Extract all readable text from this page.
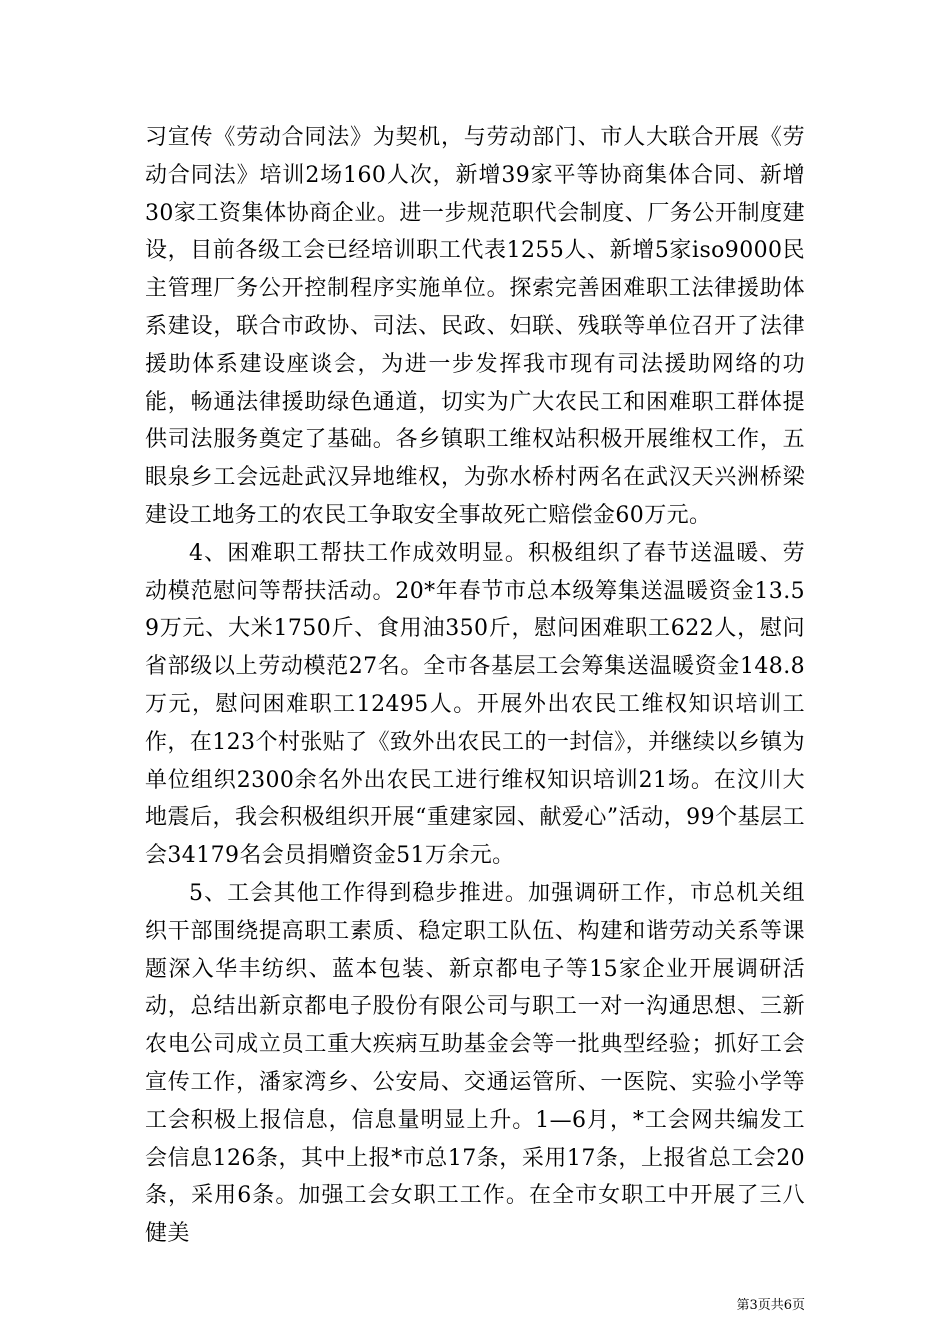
习宣传《劳动合同法》为契机，与劳动部门、市人大联合开展《劳动合同法》培训2场160人次，新增39家平等协商集体合同、新增30家工资集体协商企业。进一步规范职代会制度、厂务公开制度建设，目前各级工会已经培训职工代表1255人、新增5家iso9000民主管理厂务公开控制程序实施单位。探索完善困难职工法律援助体系建设，联合市政协、司法、民政、妇联、残联等单位召开了法律援助体系建设座谈会，为进一步发挥我市现有司法援助网络的功能，畅通法律援助绿色通道，切实为广大农民工和困难职工群体提供司法服务奠定了基础。各乡镇职工维权站积极开展维权工作，五眼泉乡工会远赴武汉异地维权，为弥水桥村两名在武汉天兴洲桥梁建设工地务工的农民工争取安全事故死亡赔偿金60万元。

4、困难职工帮扶工作成效明显。积极组织了春节送温暖、劳动模范慰问等帮扶活动。20*年春节市总本级筹集送温暖资金13.59万元、大米1750斤、食用油350斤，慰问困难职工622人，慰问省部级以上劳动模范27名。全市各基层工会筹集送温暖资金148.8万元，慰问困难职工12495人。开展外出农民工维权知识培训工作，在123个村张贴了《致外出农民工的一封信》，并继续以乡镇为单位组织2300余名外出农民工进行维权知识培训21场。在汶川大地震后，我会积极组织开展“重建家园、献爱心”活动，99个基层工会34179名会员捐赠资金51万余元。

5、工会其他工作得到稳步推进。加强调研工作，市总机关组织干部围绕提高职工素质、稳定职工队伍、构建和谐劳动关系等课题深入华丰纺织、蓝本包装、新京都电子等15家企业开展调研活动，总结出新京都电子股份有限公司与职工一对一沟通思想、三新农电公司成立员工重大疾病互助基金会等一批典型经验；抓好工会宣传工作，潘家湾乡、公安局、交通运管所、一医院、实验小学等工会积极上报信息，信息量明显上升。1—6月，*工会网共编发工会信息126条，其中上报*市总17条，采用17条，上报省总工会20条，采用6条。加强工会女职工工作。在全市女职工中开展了三八健美

第3页共6页
